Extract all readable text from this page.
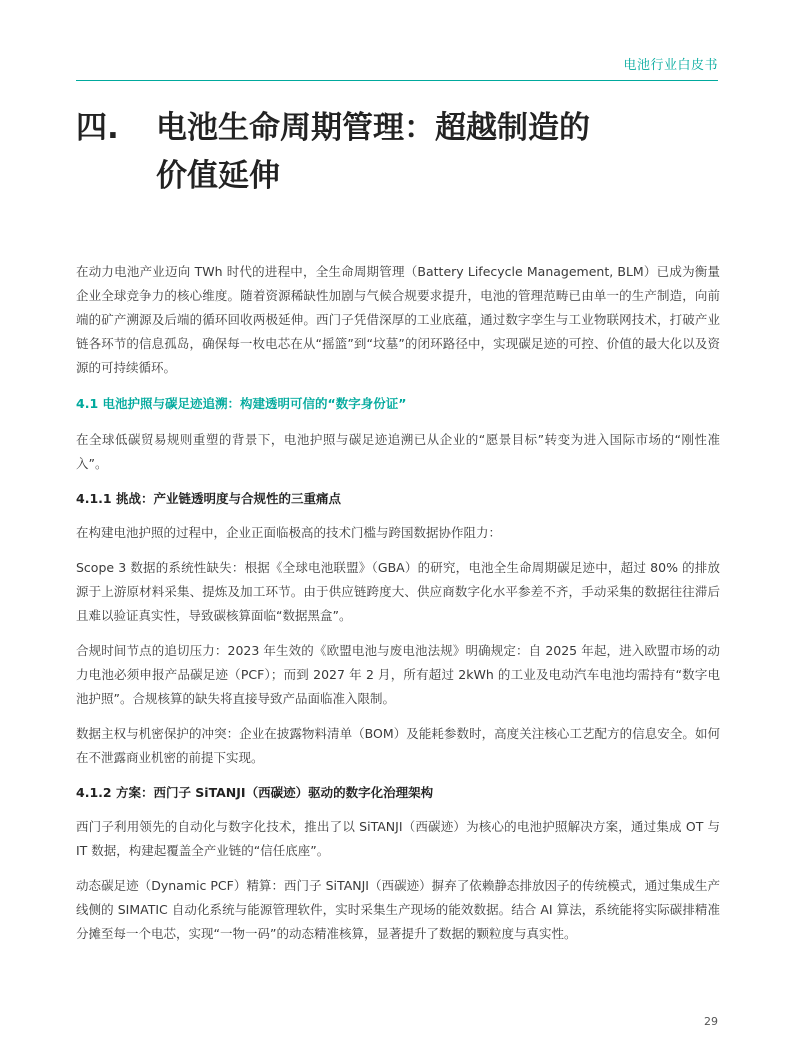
电池行业白皮书
四. 电池生命周期管理：超越制造的
价值延伸

在动力电池产业迈向 TWh 时代的进程中，全生命周期管理（Battery Lifecycle Management, BLM）已成为衡量企业全球竞争力的核心维度。随着资源稀缺性加剧与气候合规要求提升，电池的管理范畴已由单一的生产制造，向前端的矿产溯源及后端的循环回收两极延伸。西门子凭借深厚的工业底蕴，通过数字孪生与工业物联网技术，打破产业链各环节的信息孤岛，确保每一枚电芯在从“摇篮”到“坟墓”的闭环路径中，实现碳足迹的可控、价值的最大化以及资源的可持续循环。

4.1 电池护照与碳足迹追溯：构建透明可信的“数字身份证”

在全球低碳贸易规则重塑的背景下，电池护照与碳足迹追溯已从企业的“愿景目标”转变为进入国际市场的“刚性准入”。

4.1.1 挑战：产业链透明度与合规性的三重痛点

在构建电池护照的过程中，企业正面临极高的技术门槛与跨国数据协作阻力：

Scope 3 数据的系统性缺失：根据《全球电池联盟》（GBA）的研究，电池全生命周期碳足迹中，超过 80% 的排放源于上游原材料采集、提炼及加工环节。由于供应链跨度大、供应商数字化水平参差不齐，手动采集的数据往往滞后且难以验证真实性，导致碳核算面临“数据黑盒”。

合规时间节点的追切压力：2023 年生效的《欧盟电池与废电池法规》明确规定：自 2025 年起，进入欧盟市场的动力电池必须申报产品碳足迹（PCF）；而到 2027 年 2 月，所有超过 2kWh 的工业及电动汽车电池均需持有“数字电池护照”。合规核算的缺失将直接导致产品面临准入限制。

数据主权与机密保护的冲突：企业在披露物料清单（BOM）及能耗参数时，高度关注核心工艺配方的信息安全。如何在不泄露商业机密的前提下实现。

4.1.2 方案：西门子 SiTANJI（西碳迹）驱动的数字化治理架构

西门子利用领先的自动化与数字化技术，推出了以 SiTANJI（西碳迹）为核心的电池护照解决方案，通过集成 OT 与 IT 数据，构建起覆盖全产业链的“信任底座”。

动态碳足迹（Dynamic PCF）精算：西门子 SiTANJI（西碳迹）摒弃了依赖静态排放因子的传统模式，通过集成生产线侧的 SIMATIC 自动化系统与能源管理软件，实时采集生产现场的能效数据。结合 AI 算法，系统能将实际碳排精准分摊至每一个电芯，实现“一物一码”的动态精准核算，显著提升了数据的颗粒度与真实性。

29
